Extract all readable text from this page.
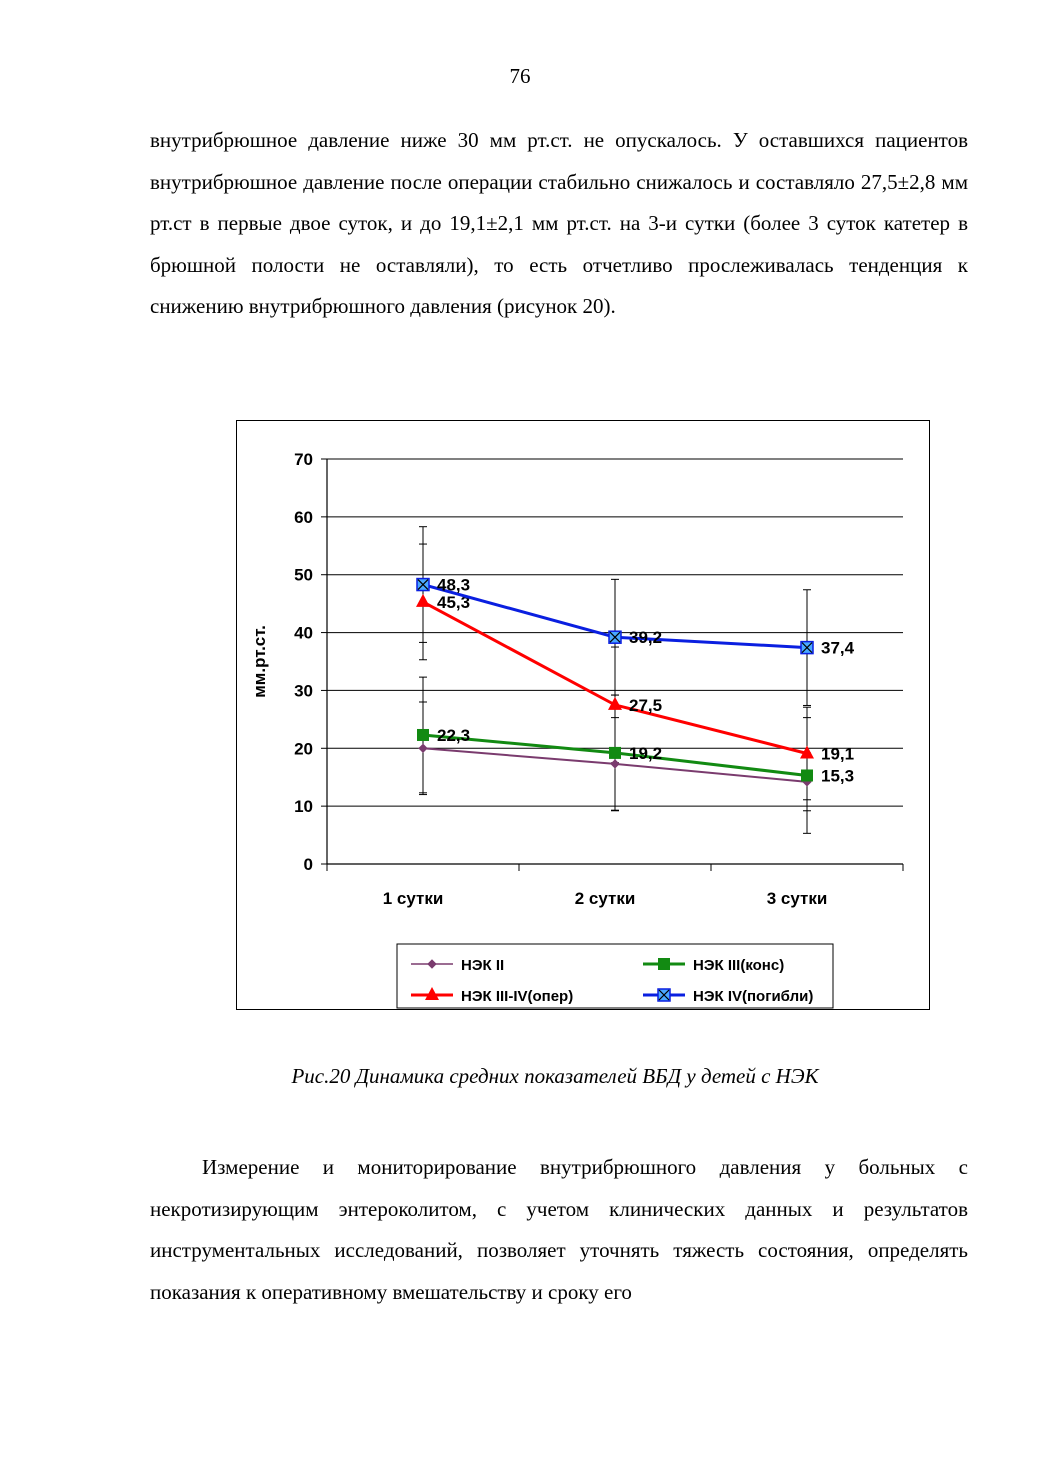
76

внутрибрюшное давление ниже 30 мм рт.ст. не опускалось. У оставшихся пациентов внутрибрюшное давление после операции стабильно снижалось и составляло 27,5±2,8 мм рт.ст в первые двое суток, и до 19,1±2,1 мм рт.ст. на 3-и сутки (более 3 суток катетер в брюшной полости не оставляли), то есть отчетливо прослеживалась тенденция к снижению внутрибрюшного давления (рисунок 20).

0
10
20
30
40
50
60
70
1 сутки	2 сутки	3 сутки
мм.рт.ст.
22,3
19,2
15,3
45,3
27,5
19,1
48,3
39,2
37,4
НЭК II	НЭК III(конс)
НЭК III-IV(опер)	НЭК IV(погибли)
Рис.20 Динамика средних показателей ВБД у детей с НЭК

Измерение и мониторирование внутрибрюшного давления у больных с некротизирующим энтероколитом, с учетом клинических данных и результатов инструментальных исследований, позволяет уточнять тяжесть состояния, определять показания к оперативному вмешательству и сроку его
